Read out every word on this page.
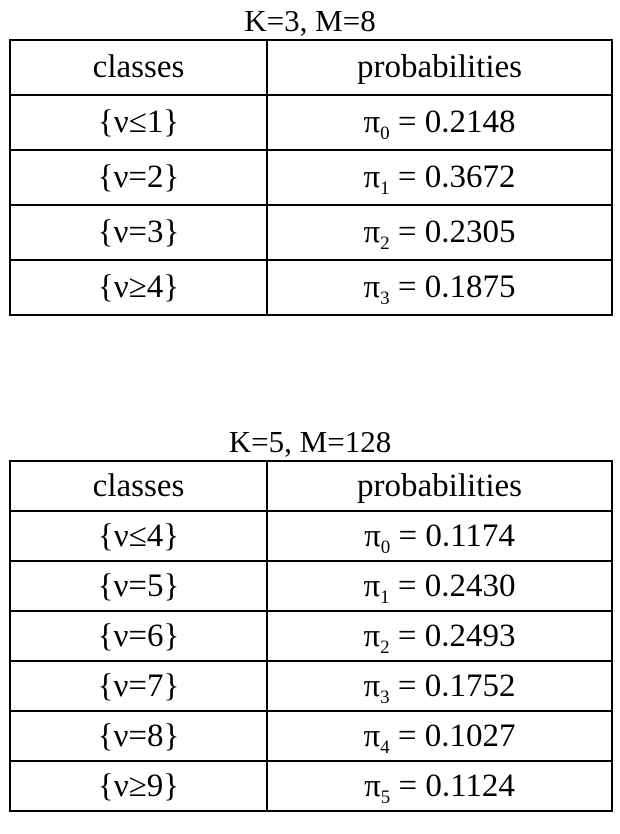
K=3, M=8
classes	probabilities
{ν≤1}	$\pi_0 = 0.2148$
{ν=2}	$\pi_1 = 0.3672$
{ν=3}	$\pi_2 = 0.2305$
{ν≥4}	$\pi_3 = 0.1875$
K=5, M=128
classes	probabilities
{ν≤4}	$\pi_0 = 0.1174$
{ν=5}	$\pi_1 = 0.2430$
{ν=6}	$\pi_2 = 0.2493$
{ν=7}	$\pi_3 = 0.1752$
{ν=8}	$\pi_4 = 0.1027$
{ν≥9}	$\pi_5 = 0.1124$
